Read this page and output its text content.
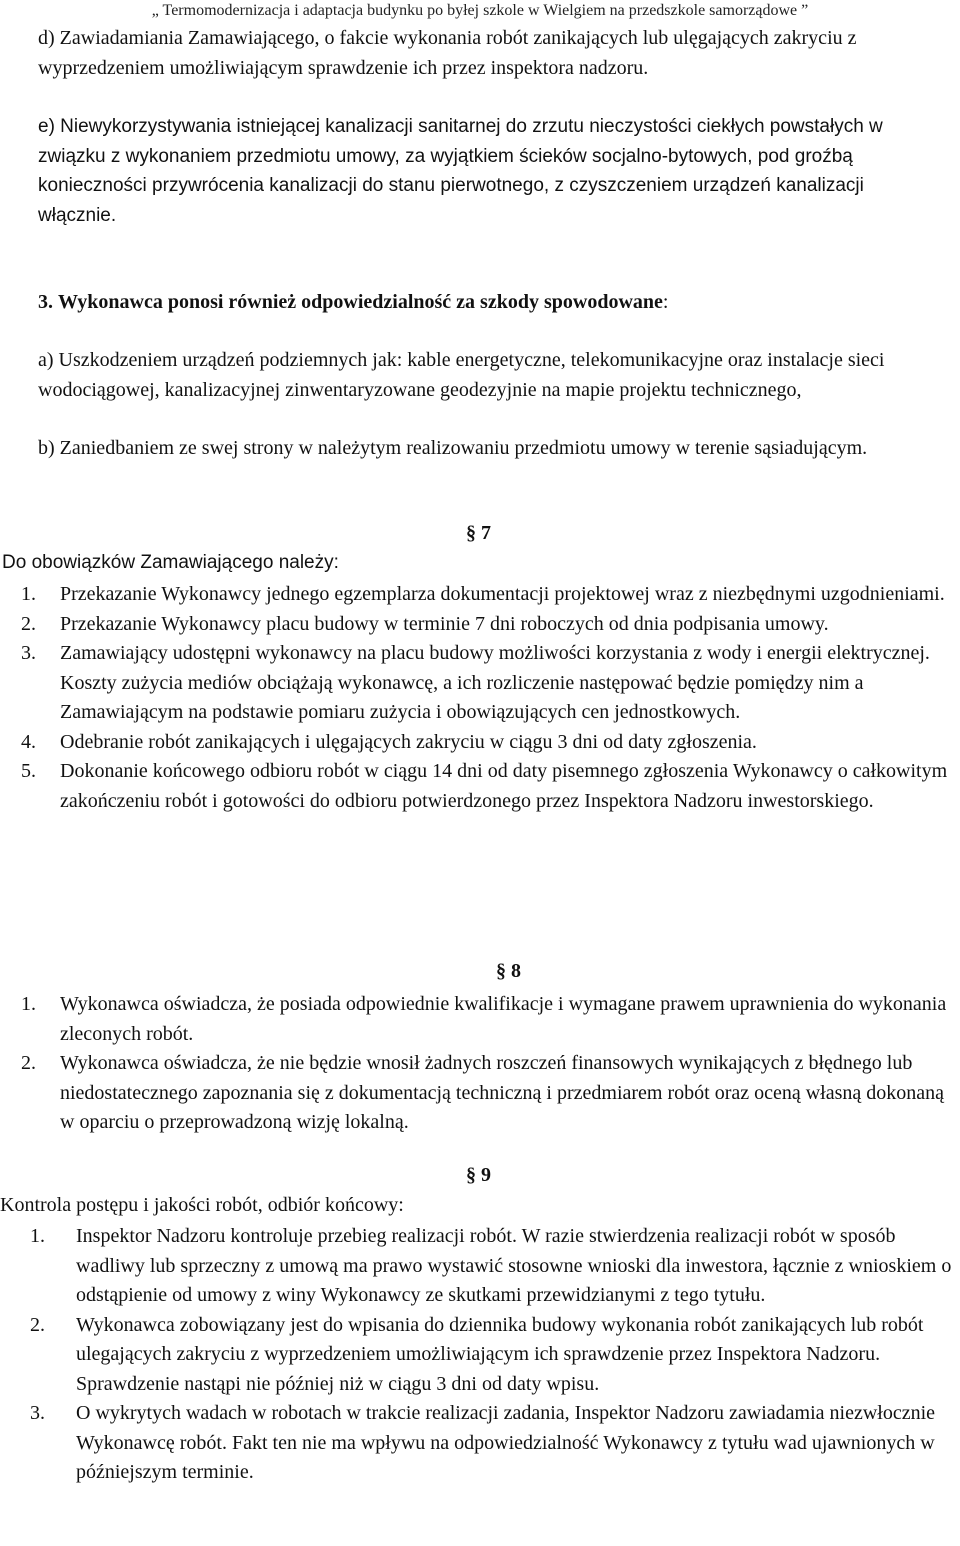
„ Termomodernizacja i adaptacja budynku po byłej szkole w Wielgiem na przedszkole samorządowe ”
d) Zawiadamiania Zamawiającego, o fakcie wykonania robót zanikających lub ulęgających zakryciu z wyprzedzeniem umożliwiającym sprawdzenie ich przez inspektora nadzoru.
e) Niewykorzystywania istniejącej kanalizacji sanitarnej do zrzutu nieczystości ciekłych powstałych w związku z wykonaniem przedmiotu umowy, za wyjątkiem ścieków socjalno-bytowych, pod groźbą konieczności przywrócenia kanalizacji do stanu pierwotnego, z czyszczeniem urządzeń kanalizacji włącznie.
3. Wykonawca ponosi również odpowiedzialność za szkody spowodowane:
a) Uszkodzeniem urządzeń podziemnych jak: kable energetyczne, telekomunikacyjne oraz instalacje sieci wodociągowej, kanalizacyjnej zinwentaryzowane geodezyjnie na mapie projektu technicznego,
b) Zaniedbaniem ze swej strony w należytym realizowaniu przedmiotu umowy w terenie sąsiadującym.
§ 7
Do obowiązków Zamawiającego należy:
1. Przekazanie Wykonawcy jednego egzemplarza dokumentacji projektowej wraz z niezbędnymi uzgodnieniami.
2. Przekazanie Wykonawcy placu budowy w terminie 7 dni roboczych od dnia podpisania umowy.
3. Zamawiający udostępni wykonawcy na placu budowy możliwości korzystania z wody i energii elektrycznej. Koszty zużycia mediów obciążają wykonawcę, a ich rozliczenie następować będzie pomiędzy nim a Zamawiającym na podstawie pomiaru zużycia i obowiązujących cen jednostkowych.
4. Odebranie robót zanikających i ulęgających zakryciu w ciągu 3 dni od daty zgłoszenia.
5. Dokonanie końcowego odbioru robót w ciągu 14 dni od daty pisemnego zgłoszenia Wykonawcy o całkowitym zakończeniu robót i gotowości do odbioru potwierdzonego przez Inspektora Nadzoru inwestorskiego.
§ 8
1. Wykonawca oświadcza, że posiada odpowiednie kwalifikacje i wymagane prawem uprawnienia do wykonania zleconych robót.
2. Wykonawca oświadcza, że nie będzie wnosił żadnych roszczeń finansowych wynikających z błędnego lub niedostatecznego zapoznania się z dokumentacją techniczną i przedmiarem robót oraz oceną własną dokonaną w oparciu o przeprowadzoną wizję lokalną.
§ 9
Kontrola postępu i jakości robót, odbiór końcowy:
1. Inspektor Nadzoru kontroluje przebieg realizacji robót. W razie stwierdzenia realizacji robót w sposób wadliwy lub sprzeczny z umową ma prawo wystawić stosowne wnioski dla inwestora, łącznie z wnioskiem o odstąpienie od umowy z winy Wykonawcy ze skutkami przewidzianymi z tego tytułu.
2. Wykonawca zobowiązany jest do wpisania do dziennika budowy wykonania robót zanikających lub robót ulegających zakryciu z wyprzedzeniem umożliwiającym ich sprawdzenie przez Inspektora Nadzoru. Sprawdzenie nastąpi nie później niż w ciągu 3 dni od daty wpisu.
3. O wykrytych wadach w robotach w trakcie realizacji zadania, Inspektor Nadzoru zawiadamia niezwłocznie Wykonawcę robót. Fakt ten nie ma wpływu na odpowiedzialność Wykonawcy z tytułu wad ujawnionych w późniejszym terminie.
